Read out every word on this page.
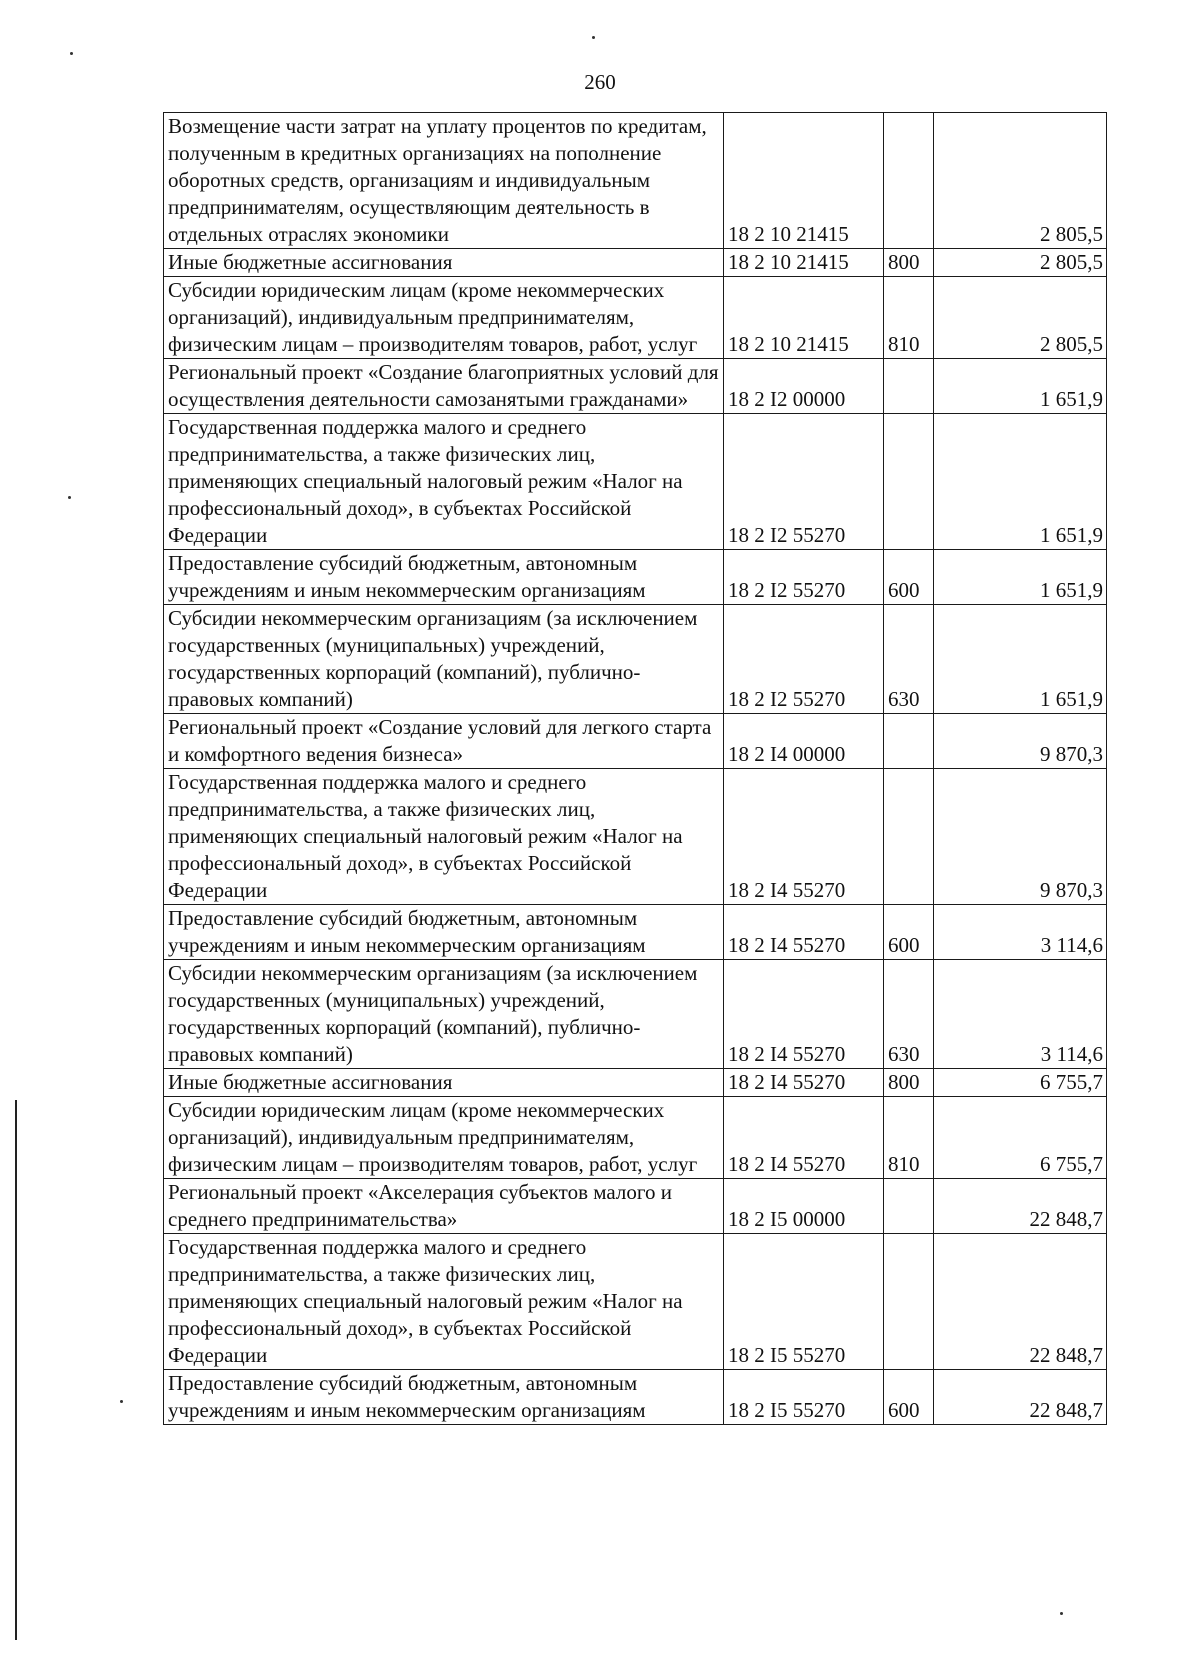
260
Возмещение части затрат на уплату процентов по кредитам, полученным в кредитных организациях на пополнение оборотных средств, организациям и индивидуальным предпринимателям, осуществляющим деятельность в отдельных отраслях экономики	18 2 10 21415		2 805,5
Иные бюджетные ассигнования	18 2 10 21415	800	2 805,5
Субсидии юридическим лицам (кроме некоммерческих организаций), индивидуальным предпринимателям, физическим лицам – производителям товаров, работ, услуг	18 2 10 21415	810	2 805,5
Региональный проект «Создание благоприятных условий для осуществления деятельности самозанятыми гражданами»	18 2 I2 00000		1 651,9
Государственная поддержка малого и среднего предпринимательства, а также физических лиц, применяющих специальный налоговый режим «Налог на профессиональный доход», в субъектах Российской Федерации	18 2 I2 55270		1 651,9
Предоставление субсидий бюджетным, автономным учреждениям и иным некоммерческим организациям	18 2 I2 55270	600	1 651,9
Субсидии некоммерческим организациям (за исключением государственных (муниципальных) учреждений, государственных корпораций (компаний), публично-правовых компаний)	18 2 I2 55270	630	1 651,9
Региональный проект «Создание условий для легкого старта и комфортного ведения бизнеса»	18 2 I4 00000		9 870,3
Государственная поддержка малого и среднего предпринимательства, а также физических лиц, применяющих специальный налоговый режим «Налог на профессиональный доход», в субъектах Российской Федерации	18 2 I4 55270		9 870,3
Предоставление субсидий бюджетным, автономным учреждениям и иным некоммерческим организациям	18 2 I4 55270	600	3 114,6
Субсидии некоммерческим организациям (за исключением государственных (муниципальных) учреждений, государственных корпораций (компаний), публично-правовых компаний)	18 2 I4 55270	630	3 114,6
Иные бюджетные ассигнования	18 2 I4 55270	800	6 755,7
Субсидии юридическим лицам (кроме некоммерческих организаций), индивидуальным предпринимателям, физическим лицам – производителям товаров, работ, услуг	18 2 I4 55270	810	6 755,7
Региональный проект «Акселерация субъектов малого и среднего предпринимательства»	18 2 I5 00000		22 848,7
Государственная поддержка малого и среднего предпринимательства, а также физических лиц, применяющих специальный налоговый режим «Налог на профессиональный доход», в субъектах Российской Федерации	18 2 I5 55270		22 848,7
Предоставление субсидий бюджетным, автономным учреждениям и иным некоммерческим организациям	18 2 I5 55270	600	22 848,7
